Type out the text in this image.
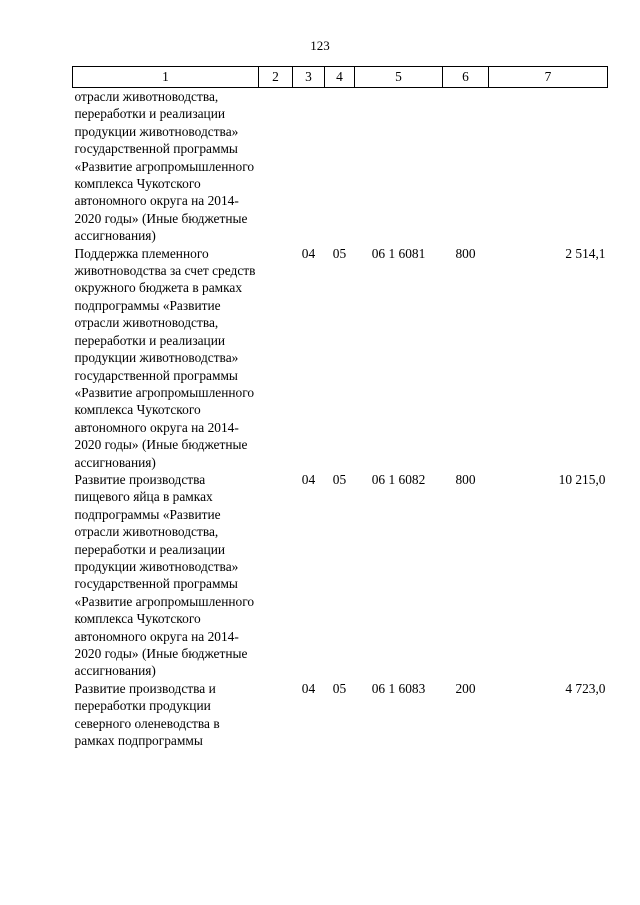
123
1	2	3	4	5	6	7
отрасли животноводства, переработки и реализации продукции животноводства» государственной программы «Развитие агропромышленного комплекса Чукотского автономного округа на 2014-2020 годы» (Иные бюджетные ассигнования)						
Поддержка племенного животноводства за счет средств окружного бюджета в рамках подпрограммы «Развитие отрасли животноводства, переработки и реализации продукции животноводства» государственной программы «Развитие агропромышленного комплекса Чукотского автономного округа на 2014-2020 годы» (Иные бюджетные ассигнования)		04	05	06 1 6081	800	2 514,1
Развитие производства пищевого яйца в рамках подпрограммы «Развитие отрасли животноводства, переработки и реализации продукции животноводства» государственной программы «Развитие агропромышленного комплекса Чукотского автономного округа на 2014-2020 годы» (Иные бюджетные ассигнования)		04	05	06 1 6082	800	10 215,0
Развитие производства и переработки продукции северного оленеводства в рамках подпрограммы		04	05	06 1 6083	200	4 723,0
